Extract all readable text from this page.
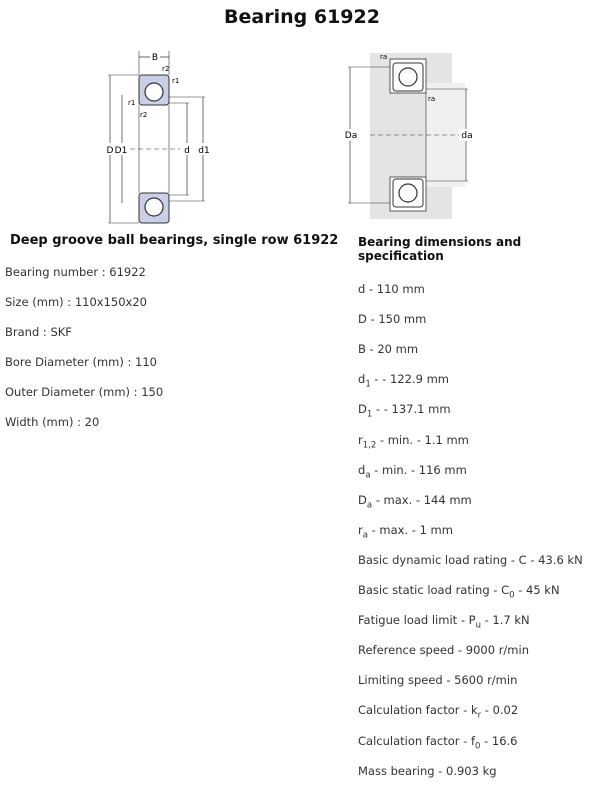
Bearing 61922
B
r2
r1
r1
r2
D D1	d d1
ra
ra
Da	da
Deep groove ball bearings, single row 61922 Bearing dimensions and specification
Bearing number : 61922
Size (mm) : 110x150x20
Brand : SKF
Bore Diameter (mm) : 110
Outer Diameter (mm) : 150
Width (mm) : 20
d - 110 mm
D - 150 mm
B - 20 mm
$d_1$ - - 122.9 mm
$D_1$ - - 137.1 mm
$r_{1,2}$ - min. - 1.1 mm
$d_a$ - min. - 116 mm
$D_a$ - max. - 144 mm
$r_a$ - max. - 1 mm
Basic dynamic load rating - C - 43.6 kN
Basic static load rating - $C_0 - 45$ kN
Fatigue load limit - $P_u - 1.7$ kN
Reference speed - 9000 r/min
Limiting speed - 5600 r/min
Calculation factor - $k_r - 0.02$
Calculation factor - $f_0 - 16.6$
Mass bearing - 0.903 kg
